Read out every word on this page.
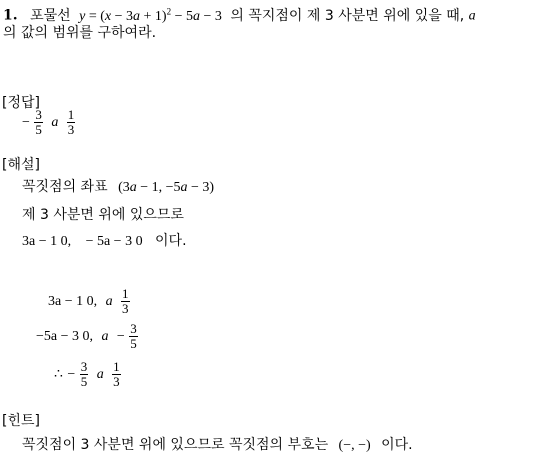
1. 포물선 $y = (x - 3a + 1)^2 - 5a - 3$ 의 꼭지점이 제 3 사분면 위에 있을 때, a
의 값의 범위를 구하여라.
[정답]
− $\frac{3}{5}$ a $\frac{1}{3}$
[해설]
꼭짓점의 좌표 (3a − 1, −5a − 3)
제 3 사분면 위에 있으므로
3a − 1 0, − 5a − 3 0 이다.
3a − 1 0, a $\frac{1}{3}$
−5a − 3 0, $a - \frac{3}{5}$
∴ − $\frac{3}{5}$ a $\frac{1}{3}$
[힌트]
꼭짓점이 3 사분면 위에 있으므로 꼭짓점의 부호는 (−, −) 이다.
